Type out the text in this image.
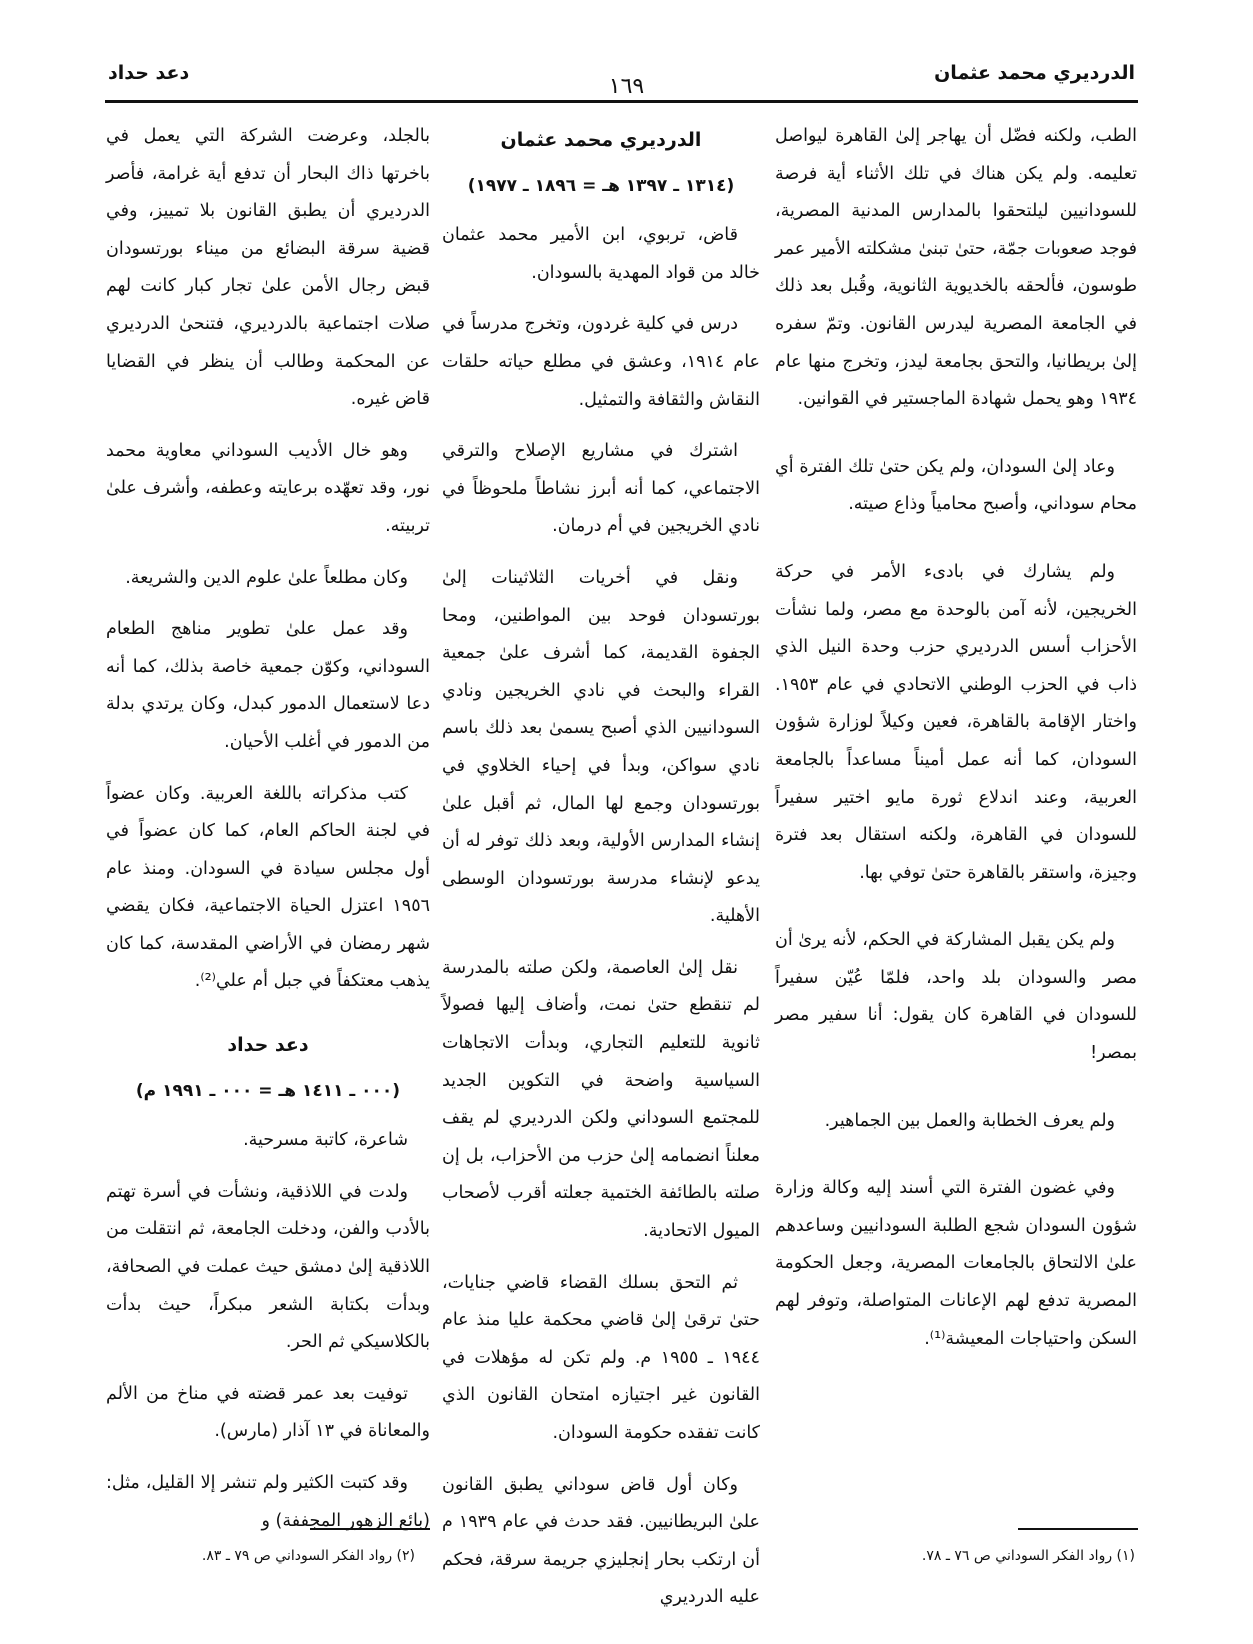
الدرديري محمد عثمان
١٦٩
دعد حداد

الطب، ولكنه فضّل أن يهاجر إلىٰ القاهرة ليواصل تعليمه. ولم يكن هناك في تلك الأثناء أية فرصة للسودانيين ليلتحقوا بالمدارس المدنية المصرية، فوجد صعوبات جمّة، حتىٰ تبنىٰ مشكلته الأمير عمر طوسون، فألحقه بالخديوية الثانوية، وقُبل بعد ذلك في الجامعة المصرية ليدرس القانون. وتمّ سفره إلىٰ بريطانيا، والتحق بجامعة ليدز، وتخرج منها عام ١٩٣٤ وهو يحمل شهادة الماجستير في القوانين.

وعاد إلىٰ السودان، ولم يكن حتىٰ تلك الفترة أي محام سوداني، وأصبح محامياً وذاع صيته.

ولم يشارك في بادىء الأمر في حركة الخريجين، لأنه آمن بالوحدة مع مصر، ولما نشأت الأحزاب أسس الدرديري حزب وحدة النيل الذي ذاب في الحزب الوطني الاتحادي في عام ١٩٥٣. واختار الإقامة بالقاهرة، فعين وكيلاً لوزارة شؤون السودان، كما أنه عمل أميناً مساعداً بالجامعة العربية، وعند اندلاع ثورة مايو اختير سفيراً للسودان في القاهرة، ولكنه استقال بعد فترة وجيزة، واستقر بالقاهرة حتىٰ توفي بها.

ولم يكن يقبل المشاركة في الحكم، لأنه يرىٰ أن مصر والسودان بلد واحد، فلمّا عُيّن سفيراً للسودان في القاهرة كان يقول: أنا سفير مصر بمصر!

ولم يعرف الخطابة والعمل بين الجماهير.

وفي غضون الفترة التي أسند إليه وكالة وزارة شؤون السودان شجع الطلبة السودانيين وساعدهم علىٰ الالتحاق بالجامعات المصرية، وجعل الحكومة المصرية تدفع لهم الإعانات المتواصلة، وتوفر لهم السكن واحتياجات المعيشة⁽¹⁾.

الدرديري محمد عثمان
(١٣١٤ ـ ١٣٩٧ هـ = ١٨٩٦ ـ ١٩٧٧)

قاض، تربوي، ابن الأمير محمد عثمان خالد من قواد المهدية بالسودان.

درس في كلية غردون، وتخرج مدرساً في عام ١٩١٤، وعشق في مطلع حياته حلقات النقاش والثقافة والتمثيل.

اشترك في مشاريع الإصلاح والترقي الاجتماعي، كما أنه أبرز نشاطاً ملحوظاً في نادي الخريجين في أم درمان.

ونقل في أخريات الثلاثينات إلىٰ بورتسودان فوحد بين المواطنين، ومحا الجفوة القديمة، كما أشرف علىٰ جمعية القراء والبحث في نادي الخريجين ونادي السودانيين الذي أصبح يسمىٰ بعد ذلك باسم نادي سواكن، وبدأ في إحياء الخلاوي في بورتسودان وجمع لها المال، ثم أقبل علىٰ إنشاء المدارس الأولية، وبعد ذلك توفر له أن يدعو لإنشاء مدرسة بورتسودان الوسطى الأهلية.

نقل إلىٰ العاصمة، ولكن صلته بالمدرسة لم تنقطع حتىٰ نمت، وأضاف إليها فصولاً ثانوية للتعليم التجاري، وبدأت الاتجاهات السياسية واضحة في التكوين الجديد للمجتمع السوداني ولكن الدرديري لم يقف معلناً انضمامه إلىٰ حزب من الأحزاب، بل إن صلته بالطائفة الختمية جعلته أقرب لأصحاب الميول الاتحادية.

ثم التحق بسلك القضاء قاضي جنايات، حتىٰ ترقىٰ إلىٰ قاضي محكمة عليا منذ عام ١٩٤٤ ـ ١٩٥٥ م. ولم تكن له مؤهلات في القانون غير اجتيازه امتحان القانون الذي كانت تفقده حكومة السودان.

وكان أول قاض سوداني يطبق القانون علىٰ البريطانيين. فقد حدث في عام ١٩٣٩ م أن ارتكب بحار إنجليزي جريمة سرقة، فحكم عليه الدرديري

بالجلد، وعرضت الشركة التي يعمل في باخرتها ذاك البحار أن تدفع أية غرامة، فأصر الدرديري أن يطبق القانون بلا تمييز، وفي قضية سرقة البضائع من ميناء بورتسودان قبض رجال الأمن علىٰ تجار كبار كانت لهم صلات اجتماعية بالدرديري، فتنحىٰ الدرديري عن المحكمة وطالب أن ينظر في القضايا قاض غيره.

وهو خال الأديب السوداني معاوية محمد نور، وقد تعهّده برعايته وعطفه، وأشرف علىٰ تربيته.

وكان مطلعاً علىٰ علوم الدين والشريعة.

وقد عمل علىٰ تطوير مناهج الطعام السوداني، وكوّن جمعية خاصة بذلك، كما أنه دعا لاستعمال الدمور كبدل، وكان يرتدي بدلة من الدمور في أغلب الأحيان.

كتب مذكراته باللغة العربية. وكان عضواً في لجنة الحاكم العام، كما كان عضواً في أول مجلس سيادة في السودان. ومنذ عام ١٩٥٦ اعتزل الحياة الاجتماعية، فكان يقضي شهر رمضان في الأراضي المقدسة، كما كان يذهب معتكفاً في جبل أم علي⁽²⁾.

دعد حداد
(٠٠٠ ـ ١٤١١ هـ = ٠٠٠ ـ ١٩٩١ م)

شاعرة، كاتبة مسرحية.

ولدت في اللاذقية، ونشأت في أسرة تهتم بالأدب والفن، ودخلت الجامعة، ثم انتقلت من اللاذقية إلىٰ دمشق حيث عملت في الصحافة، وبدأت بكتابة الشعر مبكراً، حيث بدأت بالكلاسيكي ثم الحر.

توفيت بعد عمر قضته في مناخ من الألم والمعاناة في ١٣ آذار (مارس).

وقد كتبت الكثير ولم تنشر إلا القليل، مثل: (بائع الزهور المجففة) و

(١) رواد الفكر السوداني ص ٧٦ ـ ٧٨.
(٢) رواد الفكر السوداني ص ٧٩ ـ ٨٣.
